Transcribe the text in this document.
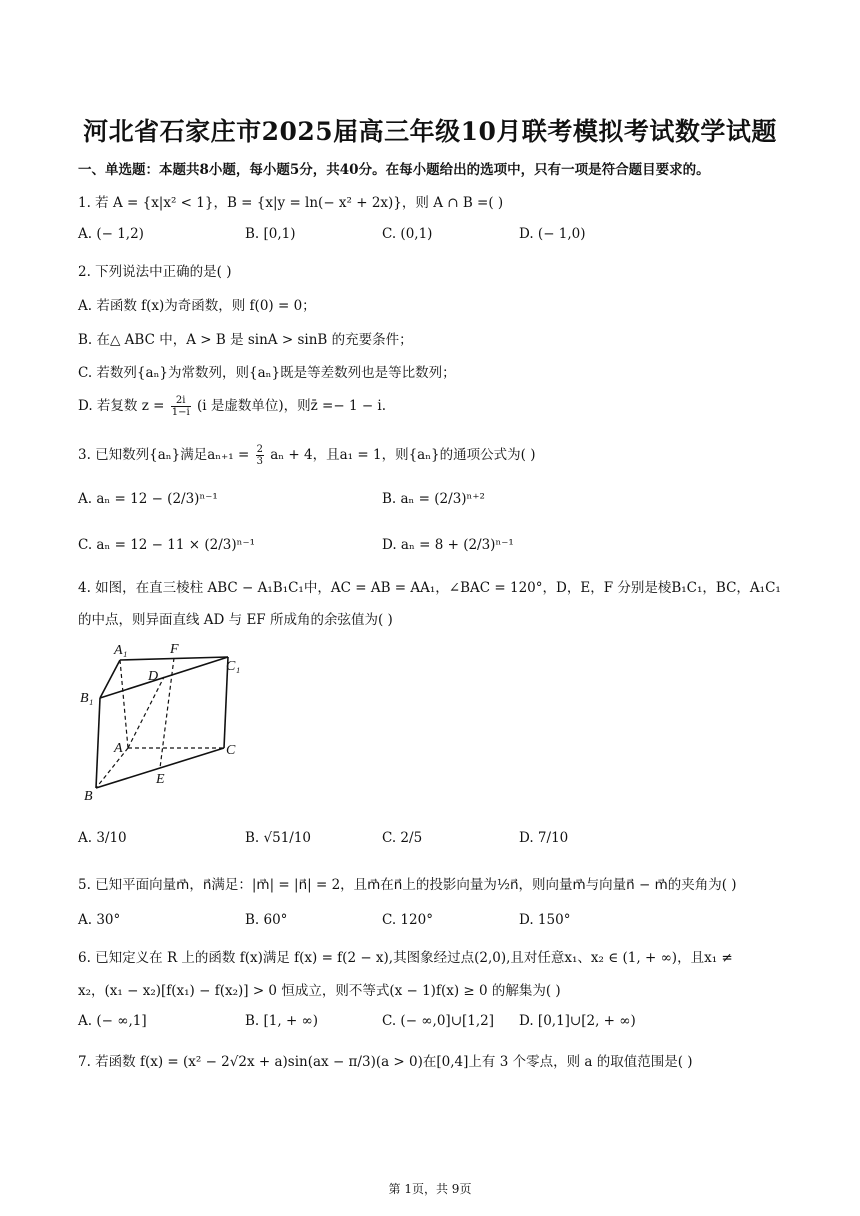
河北省石家庄市2025届高三年级10月联考模拟考试数学试题
一、单选题：本题共8小题，每小题5分，共40分。在每小题给出的选项中，只有一项是符合题目要求的。
1. 若 A = {x|x² < 1}，B = {x|y = ln(− x² + 2x)}，则 A ∩ B =( )
A. (− 1,2)	B. [0,1)	C. (0,1)	D. (− 1,0)
2. 下列说法中正确的是( )
A. 若函数 f(x)为奇函数，则 f(0) = 0；
B. 在△ ABC 中，A > B 是 sinA > sinB 的充要条件；
C. 若数列{aₙ}为常数列，则{aₙ}既是等差数列也是等比数列；
D. 若复数 $z = \frac{2i}{1-i} (i$ 是虚数单位)，则z̄ =− 1 − i.
3. 已知数列{aₙ}满足$a_{n+1} = \frac{2}{3}$ aₙ + 4，且a₁ = 1，则{aₙ}的通项公式为( )
A. aₙ = 12 − (2/3)ⁿ⁻¹	B. aₙ = (2/3)ⁿ⁺²
C. aₙ = 12 − 11 × (2/3)ⁿ⁻¹	D. aₙ = 8 + (2/3)ⁿ⁻¹
4. 如图，在直三棱柱 ABC − A₁B₁C₁中，AC = AB = AA₁，∠BAC = 120°，D，E，F 分别是棱B₁C₁，BC，A₁C₁
的中点，则异面直线 AD 与 EF 所成角的余弦值为( )
A₁	F
C₁
D
B₁
A	C
E
B
A. 3/10	B. √51/10	C. 2/5	D. 7/10
5. 已知平面向量m⃗，n⃗满足：|m⃗| = |n⃗| = 2，且m⃗在n⃗上的投影向量为½n⃗，则向量m⃗与向量n⃗ − m⃗的夹角为( )
A. 30°	B. 60°	C. 120°	D. 150°
6. 已知定义在 R 上的函数 f(x)满足 f(x) = f(2 − x),其图象经过点(2,0),且对任意x₁、x₂ ∈ (1, + ∞)，且x₁ ≠
x₂，(x₁ − x₂)[f(x₁) − f(x₂)] > 0 恒成立，则不等式(x − 1)f(x) ≥ 0 的解集为( )
A. (− ∞,1]	B. [1, + ∞)	C. (− ∞,0]∪[1,2] D. [0,1]∪[2, + ∞)
7. 若函数 f(x) = (x² − 2√2x + a)sin(ax − π/3)(a > 0)在[0,4]上有 3 个零点，则 a 的取值范围是( )
第 1页，共 9页
